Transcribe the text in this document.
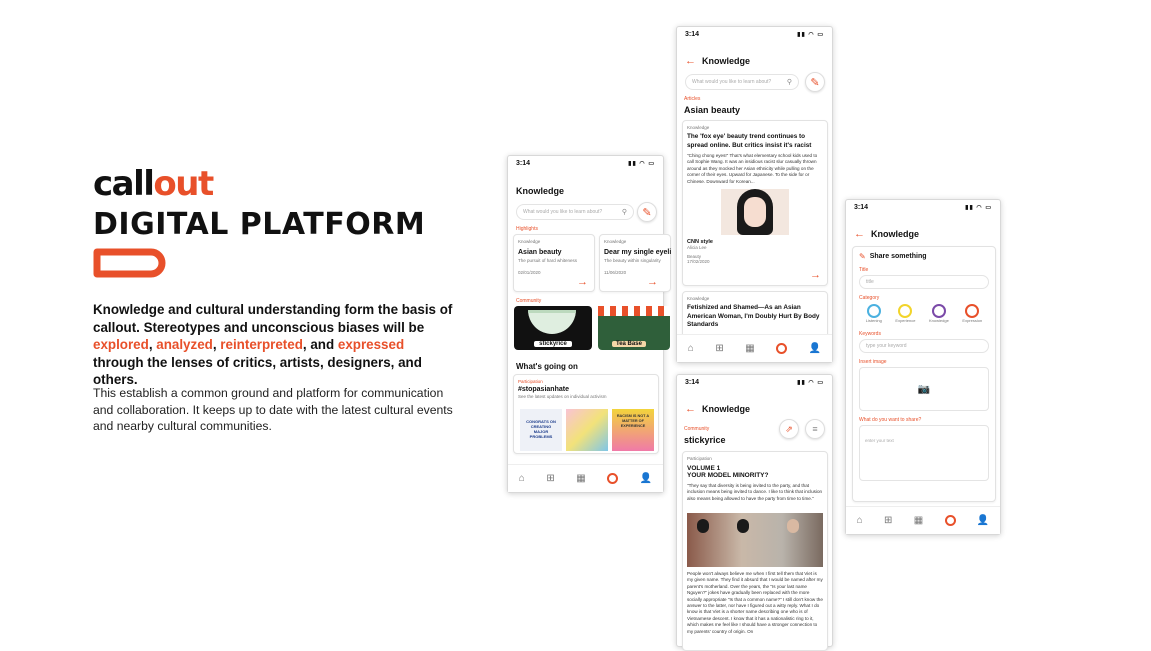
callout
DIGITAL PLATFORM

Knowledge and cultural understanding form the basis of callout. Stereotypes and unconscious biases will be explored, analyzed, reinterpreted, and expressed through the lenses of critics, artists, designers, and others.

This establish a common ground and platform for communication and collaboration. It keeps up to date with the latest cultural events and nearby cultural communities.

3:14	▮▮ ◠ ▭
Knowledge
What would you like to learn about?	⚲ ✎
Highlights
Knowledge
Asian beauty
The pursuit of hard whiteness
02/01/2020
→
Knowledge
Dear my single eyeli
The beauty within singularity
11/06/2020
→
Community
stickyrice	Tea Base
What's going on
Participation
#stopasianhate
See the latest updates on individual activism
CONGRATS ON CREATING MAJOR PROBLEMS
RACISM IS NOT A MATTER OF EXPERIENCE
⌂ ⊞ ▦	👤
3:14	▮▮ ◠ ▭
← Knowledge
What would you like to learn about? ⚲ ✎
Articles
Asian beauty
Knowledge
The 'fox eye' beauty trend continues to spread online. But critics insist it's racist
"Ching chong eyes!" That's what elementary school kids used to call Sophie Wang. It was an insidious racist slur casually thrown around as they mocked her Asian ethnicity while pulling on the corner of their eyes. Upward for Japanese. To the side for or Chinese. Downward for Korean...
CNN style
Alicia Lee
Beauty
17/02/2020
→
Knowledge
Fetishized and Shamed—As an Asian American Woman, I'm Doubly Hurt By Body Standards
⌂ ⊞ ▦	👤
3:14	▮▮ ◠ ▭
← Knowledge
Community
stickyrice
⇗ ≡
Participation
VOLUME 1
YOUR MODEL MINORITY?
"They say that diversity is being invited to the party, and that inclusion means being invited to dance. I like to think that inclusion also means being allowed to have the party from time to time."
People won't always believe me when I first tell them that Viet is my given name. They find it absurd that I would be named after my parent's motherland. Over the years, the "Is your last name Nguyen?" jokes have gradually been replaced with the more socially appropriate "Is that a common name?" I still don't know the answer to the latter, nor have I figured out a witty reply. What I do know is that Viet is a shorter name describing one who is of Vietnamese descent. I know that it has a nationalistic ring to it, which makes me feel like I should have a stronger connection to my parents' country of origin. On
3:14	▮▮ ◠ ▭
← Knowledge
✎ Share something
Title
title
Category
Listening	Experience	Knowledge	Expression
Keywords
type your keyword
Insert image
📷
What do you want to share?
enter your text
⌂ ⊞ ▦	👤
